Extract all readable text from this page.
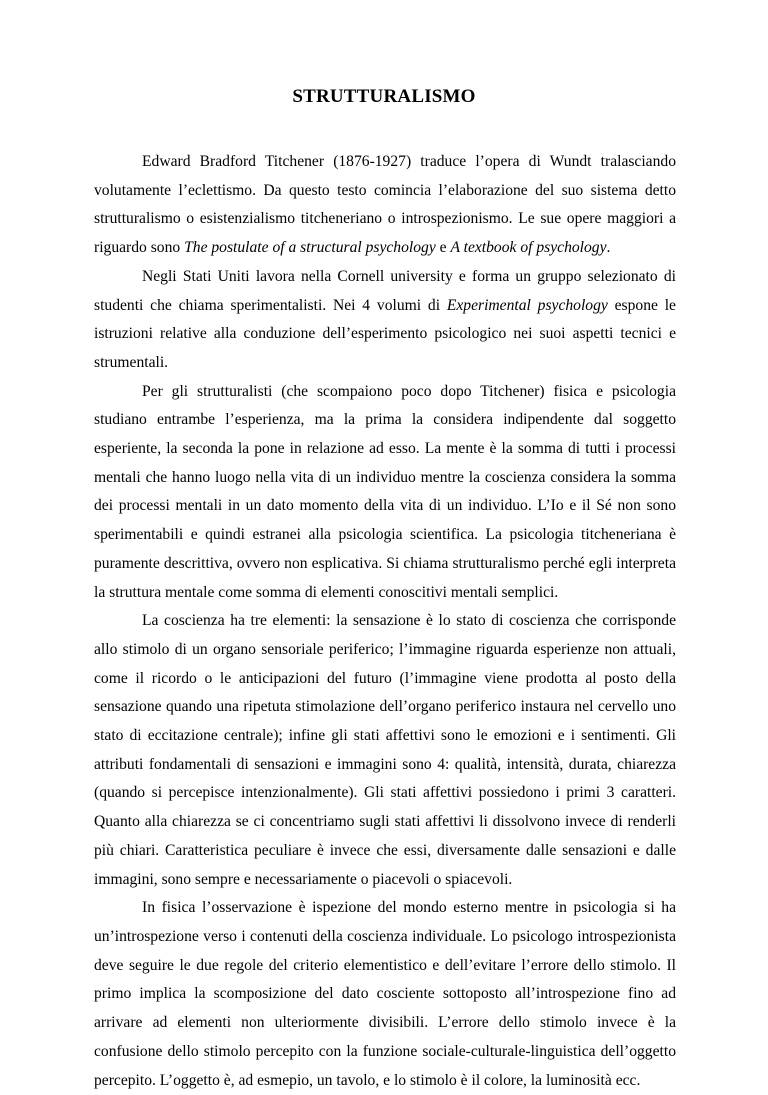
STRUTTURALISMO

Edward Bradford Titchener (1876-1927) traduce l’opera di Wundt tralasciando volutamente l’eclettismo. Da questo testo comincia l’elaborazione del suo sistema detto strutturalismo o esistenzialismo titcheneriano o introspezionismo. Le sue opere maggiori a riguardo sono The postulate of a structural psychology e A textbook of psychology.

Negli Stati Uniti lavora nella Cornell university e forma un gruppo selezionato di studenti che chiama sperimentalisti. Nei 4 volumi di Experimental psychology espone le istruzioni relative alla conduzione dell’esperimento psicologico nei suoi aspetti tecnici e strumentali.

Per gli strutturalisti (che scompaiono poco dopo Titchener) fisica e psicologia studiano entrambe l’esperienza, ma la prima la considera indipendente dal soggetto esperiente, la seconda la pone in relazione ad esso. La mente è la somma di tutti i processi mentali che hanno luogo nella vita di un individuo mentre la coscienza considera la somma dei processi mentali in un dato momento della vita di un individuo. L’Io e il Sé non sono sperimentabili e quindi estranei alla psicologia scientifica. La psicologia titcheneriana è puramente descrittiva, ovvero non esplicativa. Si chiama strutturalismo perché egli interpreta la struttura mentale come somma di elementi conoscitivi mentali semplici.

La coscienza ha tre elementi: la sensazione è lo stato di coscienza che corrisponde allo stimolo di un organo sensoriale periferico; l’immagine riguarda esperienze non attuali, come il ricordo o le anticipazioni del futuro (l’immagine viene prodotta al posto della sensazione quando una ripetuta stimolazione dell’organo periferico instaura nel cervello uno stato di eccitazione centrale); infine gli stati affettivi sono le emozioni e i sentimenti. Gli attributi fondamentali di sensazioni e immagini sono 4: qualità, intensità, durata, chiarezza (quando si percepisce intenzionalmente). Gli stati affettivi possiedono i primi 3 caratteri. Quanto alla chiarezza se ci concentriamo sugli stati affettivi li dissolvono invece di renderli più chiari. Caratteristica peculiare è invece che essi, diversamente dalle sensazioni e dalle immagini, sono sempre e necessariamente o piacevoli o spiacevoli.

In fisica l’osservazione è ispezione del mondo esterno mentre in psicologia si ha un’introspezione verso i contenuti della coscienza individuale. Lo psicologo introspezionista deve seguire le due regole del criterio elementistico e dell’evitare l’errore dello stimolo. Il primo implica la scomposizione del dato cosciente sottoposto all’introspezione fino ad arrivare ad elementi non ulteriormente divisibili. L’errore dello stimolo invece è la confusione dello stimolo percepito con la funzione sociale-culturale-linguistica dell’oggetto percepito. L’oggetto è, ad esmepio, un tavolo, e lo stimolo è il colore, la luminosità ecc.
